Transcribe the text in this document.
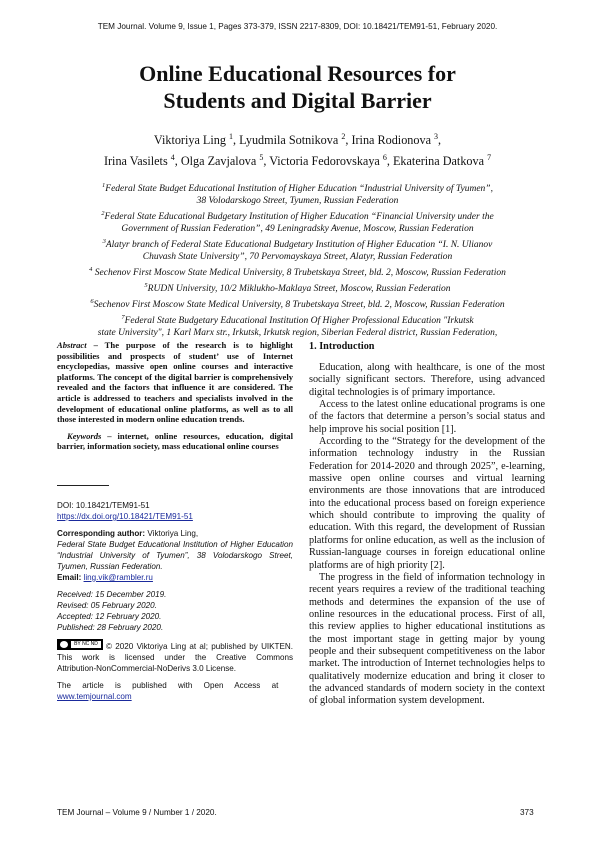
TEM Journal. Volume 9, Issue 1, Pages 373-379, ISSN 2217-8309, DOI: 10.18421/TEM91-51, February 2020.
Online Educational Resources for
Students and Digital Barrier
Viktoriya Ling $^1$, Lyudmila Sotnikova $^2$, Irina Rodionova $^3$,
Irina Vasilets $^4$, Olga Zavjalova $^5$, Victoria Fedorovskaya $^6$, Ekaterina Datkova $^7$
$^1$Federal State Budget Educational Institution of Higher Education “Industrial University of Tyumen”,
38 Volodarskogo Street, Tyumen, Russian Federation
$^2$Federal State Educational Budgetary Institution of Higher Education “Financial University under the
Government of Russian Federation”, 49 Leningradsky Avenue, Moscow, Russian Federation
$^3$Alatyr branch of Federal State Educational Budgetary Institution of Higher Education “I. N. Ulianov
Chuvash State University”, 70 Pervomayskaya Street, Alatyr, Russian Federation
$^4$ Sechenov First Moscow State Medical University, 8 Trubetskaya Street, bld. 2, Moscow, Russian Federation
$^5$RUDN University, 10/2 Miklukho-Maklaya Street, Moscow, Russian Federation
$^6$Sechenov First Moscow State Medical University, 8 Trubetskaya Street, bld. 2, Moscow, Russian Federation
$^7$Federal State Budgetary Educational Institution Of Higher Professional Education "Irkutsk
state University", 1 Karl Marx str., Irkutsk, Irkutsk region, Siberian Federal district, Russian Federation,

Abstract – The purpose of the research is to highlight possibilities and prospects of student’ use of Internet encyclopedias, massive open online courses and interactive platforms. The concept of the digital barrier is comprehensively revealed and the factors that influence it are considered. The article is addressed to teachers and specialists involved in the development of educational online platforms, as well as to all those interested in modern online education trends.

Keywords – internet, online resources, education, digital barrier, information society, mass educational online courses

DOI: 10.18421/TEM91-51

https://dx.doi.org/10.18421/TEM91-51

Corresponding author: Viktoriya Ling,

Federal State Budget Educational Institution of Higher Education “Industrial University of Tyumen”, 38 Volodarskogo Street, Tyumen, Russian Federation.

Email: ling.vik@rambler.ru

Received: 15 December 2019.

Revised: 05 February 2020.

Accepted: 12 February 2020.

Published: 28 February 2020.

BY NC ND © 2020 Viktoriya Ling at al; published by UIKTEN. This work is licensed under the Creative Commons Attribution‑NonCommercial‑NoDerivs 3.0 License.

The article is published with Open Access at

www.temjournal.com

1. Introduction

Education, along with healthcare, is one of the most socially significant sectors. Therefore, using advanced digital technologies is of primary importance.

Access to the latest online educational programs is one of the factors that determine a person’s social status and help improve his social position [1].

According to the “Strategy for the development of the information technology industry in the Russian Federation for 2014-2020 and through 2025”, e-learning, massive open online courses and virtual learning environments are those innovations that are introduced into the educational process based on foreign experience which should contribute to improving the quality of education. With this regard, the development of Russian platforms for online education, as well as the inclusion of Russian-language courses in foreign educational online platforms are of high priority [2].

The progress in the field of information technology in recent years requires a review of the traditional teaching methods and determines the expansion of the use of online resources in the educational process. First of all, this review applies to higher educational institutions as the most important stage in getting major by young people and their subsequent competitiveness on the labor market. The introduction of Internet technologies helps to qualitatively modernize education and bring it closer to the advanced standards of modern society in the context of global information system development.

TEM Journal – Volume 9 / Number 1 / 2020.	373
